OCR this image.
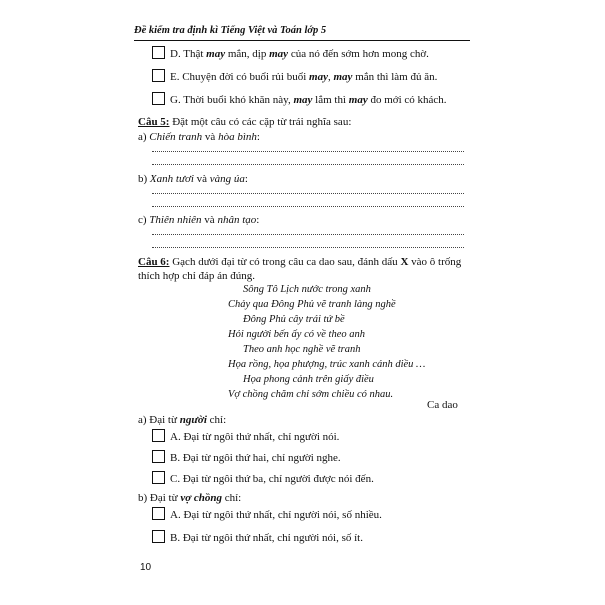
Đề kiểm tra định kì Tiếng Việt và Toán lớp 5
D. Thật may mắn, dịp may của nó đến sớm hơn mong chờ.
E. Chuyện đời có buổi rủi buổi may, may mắn thì làm đủ ăn.
G. Thời buổi khó khăn này, may lắm thì may đo mới có khách.
Câu 5: Đặt một câu có các cặp từ trái nghĩa sau:
a) Chiến tranh và hòa bình:
b) Xanh tươi và vàng úa:
c) Thiên nhiên và nhân tạo:
Câu 6: Gạch dưới đại từ có trong câu ca dao sau, đánh dấu X vào ô trống
thích hợp chỉ đáp án đúng.
Sông Tô Lịch nước trong xanh
Chảy qua Đông Phủ vẽ tranh làng nghề
Đông Phủ cây trái tứ bề
Hỏi người bến ấy có về theo anh
Theo anh học nghề vẽ tranh
Họa rồng, họa phượng, trúc xanh cánh diều …
Họa phong cảnh trên giấy điều
Vợ chồng chăm chỉ sớm chiều có nhau.
Ca dao
a) Đại từ người chỉ:
A. Đại từ ngôi thứ nhất, chỉ người nói.
B. Đại từ ngôi thứ hai, chỉ người nghe.
C. Đại từ ngôi thứ ba, chỉ người được nói đến.
b) Đại từ vợ chồng chỉ:
A. Đại từ ngôi thứ nhất, chỉ người nói, số nhiều.
B. Đại từ ngôi thứ nhất, chỉ người nói, số ít.
10
